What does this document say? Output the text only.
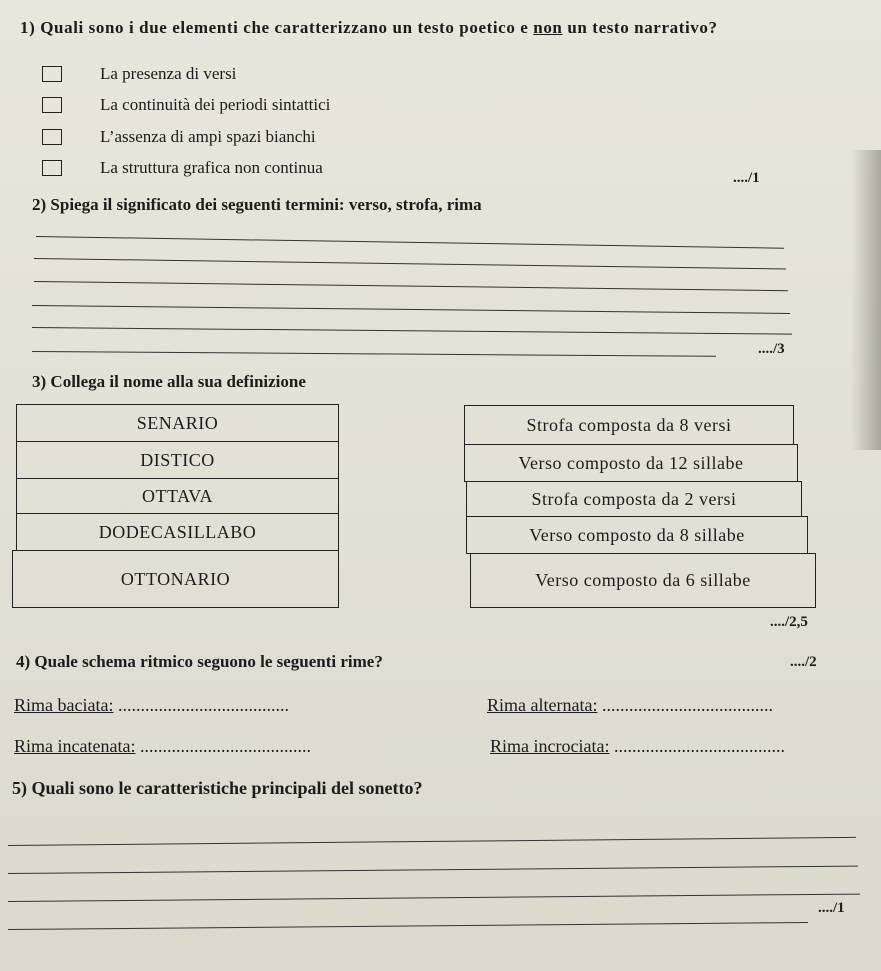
1) Quali sono i due elementi che caratterizzano un testo poetico e non un testo narrativo?
La presenza di versi
La continuità dei periodi sintattici
L’assenza di ampi spazi bianchi
La struttura grafica non continua
..../1
2) Spiega il significato dei seguenti termini: verso, strofa, rima
..../3
3) Collega il nome alla sua definizione
SENARIO
DISTICO
OTTAVA
DODECASILLABO
OTTONARIO
Strofa composta da 8 versi
Verso composto da 12 sillabe
Strofa composta da 2 versi
Verso composto da 8 sillabe
Verso composto da 6 sillabe
..../2,5
4) Quale schema ritmico seguono le seguenti rime?	..../2
Rima baciata: ......................................	Rima alternata: ......................................
Rima incatenata: ......................................	Rima incrociata: ......................................
5) Quali sono le caratteristiche principali del sonetto?
..../1
